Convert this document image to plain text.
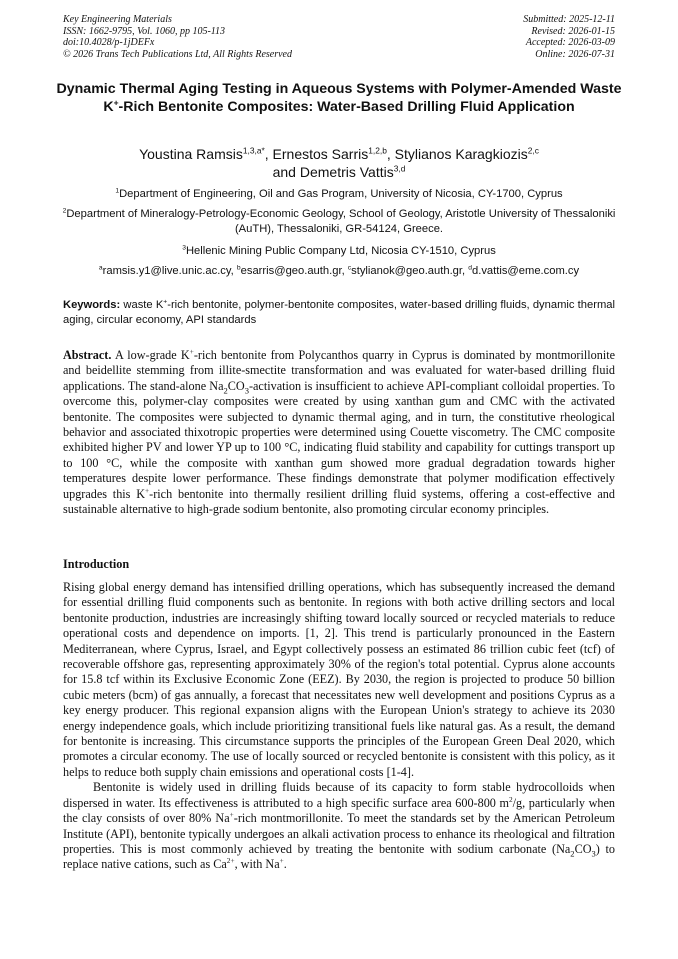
Key Engineering Materials
ISSN: 1662-9795, Vol. 1060, pp 105-113
doi:10.4028/p-1jDEFx
© 2026 Trans Tech Publications Ltd, All Rights Reserved
Submitted: 2025-12-11
Revised: 2026-01-15
Accepted: 2026-03-09
Online: 2026-07-31
Dynamic Thermal Aging Testing in Aqueous Systems with Polymer-Amended Waste K+-Rich Bentonite Composites: Water-Based Drilling Fluid Application
Youstina Ramsis$^{1,3,a*}$, Ernestos Sarris$^{1,2,b}$, Stylianos Karagkiozis$^{2,c}$
and Demetris Vattis$^{3,d}$
$^1$Department of Engineering, Oil and Gas Program, University of Nicosia, CY-1700, Cyprus
$^2$Department of Mineralogy-Petrology-Economic Geology, School of Geology, Aristotle University of Thessaloniki (AuTH), Thessaloniki, GR-54124, Greece.
$^3$Hellenic Mining Public Company Ltd, Nicosia CY-1510, Cyprus
$^a$ramsis.y1@live.unic.ac.cy, $^b$esarris@geo.auth.gr, $^c$stylianok@geo.auth.gr, $^d$d.vattis@eme.com.cy
Keywords: waste K+-rich bentonite, polymer-bentonite composites, water-based drilling fluids, dynamic thermal aging, circular economy, API standards
Abstract. A low-grade K+-rich bentonite from Polycanthos quarry in Cyprus is dominated by montmorillonite and beidellite stemming from illite-smectite transformation and was evaluated for water-based drilling fluid applications. The stand-alone $Na_2CO_3$-activation is insufficient to achieve API-compliant colloidal properties. To overcome this, polymer-clay composites were created by using xanthan gum and CMC with the activated bentonite. The composites were subjected to dynamic thermal aging, and in turn, the constitutive rheological behavior and associated thixotropic properties were determined using Couette viscometry. The CMC composite exhibited higher PV and lower YP up to 100 °C, indicating fluid stability and capability for cuttings transport up to 100 °C, while the composite with xanthan gum showed more gradual degradation towards higher temperatures despite lower performance. These findings demonstrate that polymer modification effectively upgrades this K+-rich bentonite into thermally resilient drilling fluid systems, offering a cost-effective and sustainable alternative to high-grade sodium bentonite, also promoting circular economy principles.
Introduction

Rising global energy demand has intensified drilling operations, which has subsequently increased the demand for essential drilling fluid components such as bentonite. In regions with both active drilling sectors and local bentonite production, industries are increasingly shifting toward locally sourced or recycled materials to reduce operational costs and dependence on imports. [1, 2]. This trend is particularly pronounced in the Eastern Mediterranean, where Cyprus, Israel, and Egypt collectively possess an estimated 86 trillion cubic feet (tcf) of recoverable offshore gas, representing approximately 30% of the region's total potential. Cyprus alone accounts for 15.8 tcf within its Exclusive Economic Zone (EEZ). By 2030, the region is projected to produce 50 billion cubic meters (bcm) of gas annually, a forecast that necessitates new well development and positions Cyprus as a key energy producer. This regional expansion aligns with the European Union's strategy to achieve its 2030 energy independence goals, which include prioritizing transitional fuels like natural gas. As a result, the demand for bentonite is increasing. This circumstance supports the principles of the European Green Deal 2020, which promotes a circular economy. The use of locally sourced or recycled bentonite is consistent with this policy, as it helps to reduce both supply chain emissions and operational costs [1-4].

Bentonite is widely used in drilling fluids because of its capacity to form stable hydrocolloids when dispersed in water. Its effectiveness is attributed to a high specific surface area 600-800 $m^2/g$, particularly when the clay consists of over 80% Na+-rich montmorillonite. To meet the standards set by the American Petroleum Institute (API), bentonite typically undergoes an alkali activation process to enhance its rheological and filtration properties. This is most commonly achieved by treating the bentonite with sodium carbonate $(Na_2CO_3)$ to replace native cations, such as $Ca^{2+}$, with Na+.
